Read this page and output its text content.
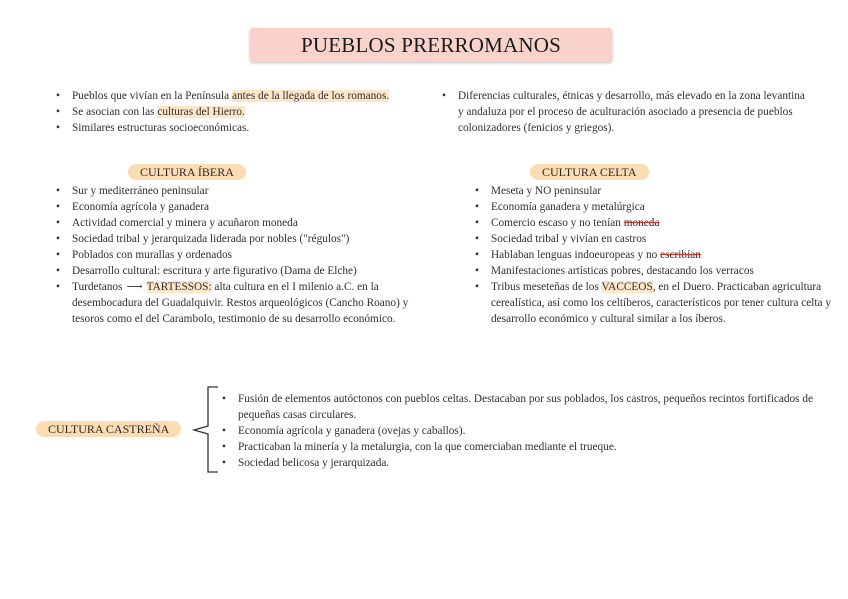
PUEBLOS PRERROMANOS
• Pueblos que vivían en la Península antes de la llegada de los romanos.
• Se asocian con las culturas del Hierro.
• Similares estructuras socioeconómicas.
• Diferencias culturales, étnicas y desarrollo, más elevado en la zona levantina y andaluza por el proceso de aculturación asociado a presencia de pueblos colonizadores (fenicios y griegos).
CULTURA ÍBERA
• Sur y mediterráneo peninsular
• Economía agrícola y ganadera
• Actividad comercial y minera y acuñaron moneda
• Sociedad tribal y jerarquizada liderada por nobles ("régulos")
• Poblados con murallas y ordenados
• Desarrollo cultural: escritura y arte figurativo (Dama de Elche)
• Turdetanos ⟶ TARTESSOS: alta cultura en el I milenio a.C. en la desembocadura del Guadalquivir. Restos arqueológicos (Cancho Roano) y tesoros como el del Carambolo, testimonio de su desarrollo económico.
CULTURA CELTA
• Meseta y NO peninsular
• Economía ganadera y metalúrgica
• Comercio escaso y no tenían moneda
• Sociedad tribal y vivían en castros
• Hablaban lenguas indoeuropeas y no escribían
• Manifestaciones artísticas pobres, destacando los verracos
• Tribus meseteñas de los VACCEOS, en el Duero. Practicaban agricultura cerealística, así como los celtíberos, característicos por tener cultura celta y desarrollo económico y cultural similar a los íberos.
CULTURA CASTREÑA
• Fusión de elementos autóctonos con pueblos celtas. Destacaban por sus poblados, los castros, pequeños recintos fortificados de pequeñas casas circulares.
• Economía agrícola y ganadera (ovejas y caballos).
• Practicaban la minería y la metalurgia, con la que comerciaban mediante el trueque.
• Sociedad belicosa y jerarquizada.
